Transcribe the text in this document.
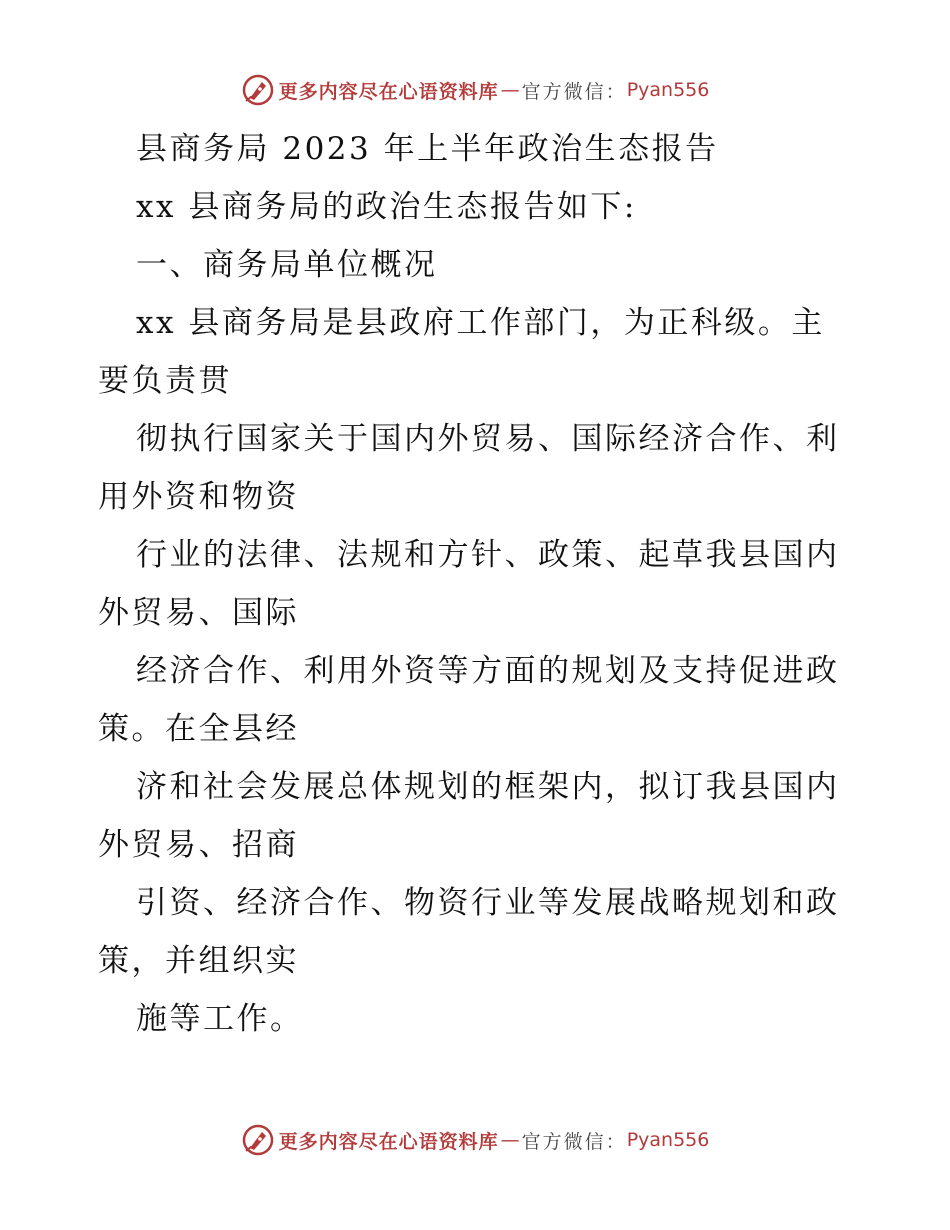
更多内容尽在心语资料库 — 官方微信： Pyan556
县商务局 2023 年上半年政治生态报告
xx 县商务局的政治生态报告如下:
一、商务局单位概况
xx 县商务局是县政府工作部门，为正科级。主
要负责贯
彻执行国家关于国内外贸易、国际经济合作、利
用外资和物资
行业的法律、法规和方针、政策、起草我县国内
外贸易、国际
经济合作、利用外资等方面的规划及支持促进政
策。在全县经
济和社会发展总体规划的框架内，拟订我县国内
外贸易、招商
引资、经济合作、物资行业等发展战略规划和政
策，并组织实
施等工作。
更多内容尽在心语资料库 — 官方微信： Pyan556
